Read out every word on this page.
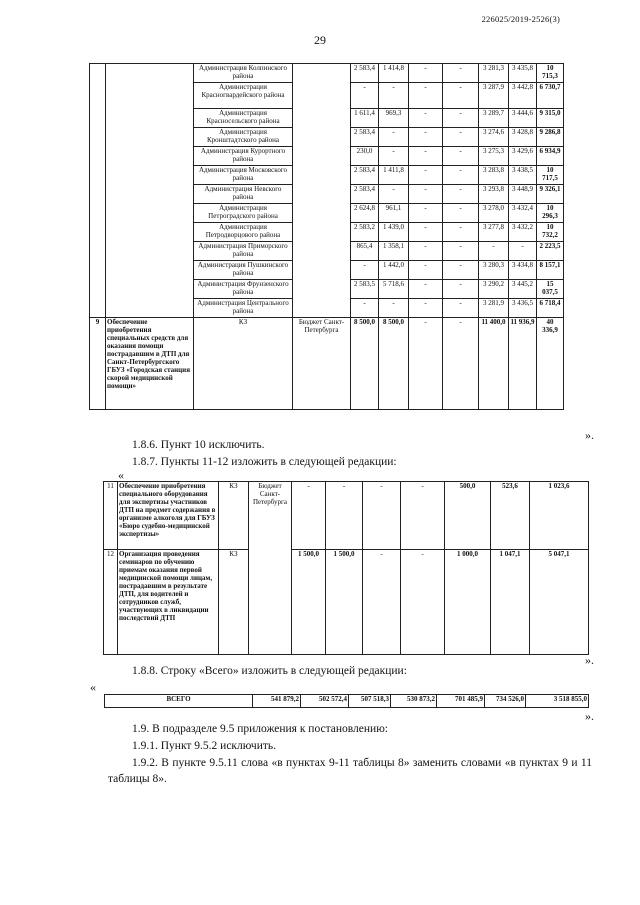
226025/2019-2526(3)
29
		Администрация Колпинского района		2 583,4	1 414,8	-	-	3 281,3	3 435,8	10 715,3
		Администрация Красногвардейского района		-	-	-	-	3 287,9	3 442,8	6 730,7
		Администрация Красносельского района		1 611,4	969,3	-	-	3 289,7	3 444,6	9 315,0
		Администрация Кронштадтского района		2 583,4	-	-	-	3 274,6	3 428,8	9 286,8
		Администрация Курортного района		230,0	-	-	-	3 275,3	3 429,6	6 934,9
		Администрация Московского района		2 583,4	1 411,8	-	-	3 283,8	3 438,5	10 717,5
		Администрация Невского района		2 583,4	-	-	-	3 293,8	3 448,9	9 326,1
		Администрация Петроградского района		2 624,8	961,1	-	-	3 278,0	3 432,4	10 296,3
		Администрация Петродворцового района		2 583,2	1 439,0	-	-	3 277,8	3 432,2	10 732,2
		Администрация Приморского района		865,4	1 358,1	-	-	-	-	2 223,5
		Администрация Пушкинского района		-	1 442,0	-	-	3 280,3	3 434,8	8 157,1
		Администрация Фрунзенского района		2 583,5	5 718,6	-	-	3 290,2	3 445,2	15 037,5
		Администрация Центрального района		-	-	-	-	3 281,9	3 436,5	6 718,4
9	Обеспечение приобретения специальных средств для оказания помощи пострадавшим в ДТП для Санкт-Петербургского ГБУЗ «Городская станция скорой медицинской помощи»	КЗ	Бюджет Санкт-Петербурга	8 500,0	8 500,0	-	-	11 400,0	11 936,9	40 336,9
».
1.8.6. Пункт 10 исключить.
1.8.7. Пункты 11-12 изложить в следующей редакции:
«
11	Обеспечение приобретения специального оборудования для экспертизы участников ДТП на предмет содержания в организме алкоголя для ГБУЗ «Бюро судебно-медицинской экспертизы»	КЗ	Бюджет Санкт-Петербурга	-	-	-	-	500,0	523,6	1 023,6
12	Организация проведения семинаров по обучению приемам оказания первой медицинской помощи лицам, пострадавшим в результате ДТП, для водителей и сотрудников служб, участвующих в ликвидации последствий ДТП	КЗ		1 500,0	1 500,0	-	-	1 000,0	1 047,1	5 047,1
».
1.8.8. Строку «Всего» изложить в следующей редакции:
«
ВСЕГО	541 879,2	502 572,4	507 518,3	530 873,2	701 485,9	734 526,0	3 518 855,0
».
1.9. В подразделе 9.5 приложения к постановлению:
1.9.1. Пункт 9.5.2 исключить.
1.9.2. В пункте 9.5.11 слова «в пунктах 9-11 таблицы 8» заменить словами «в пунктах 9 и 11 таблицы 8».
